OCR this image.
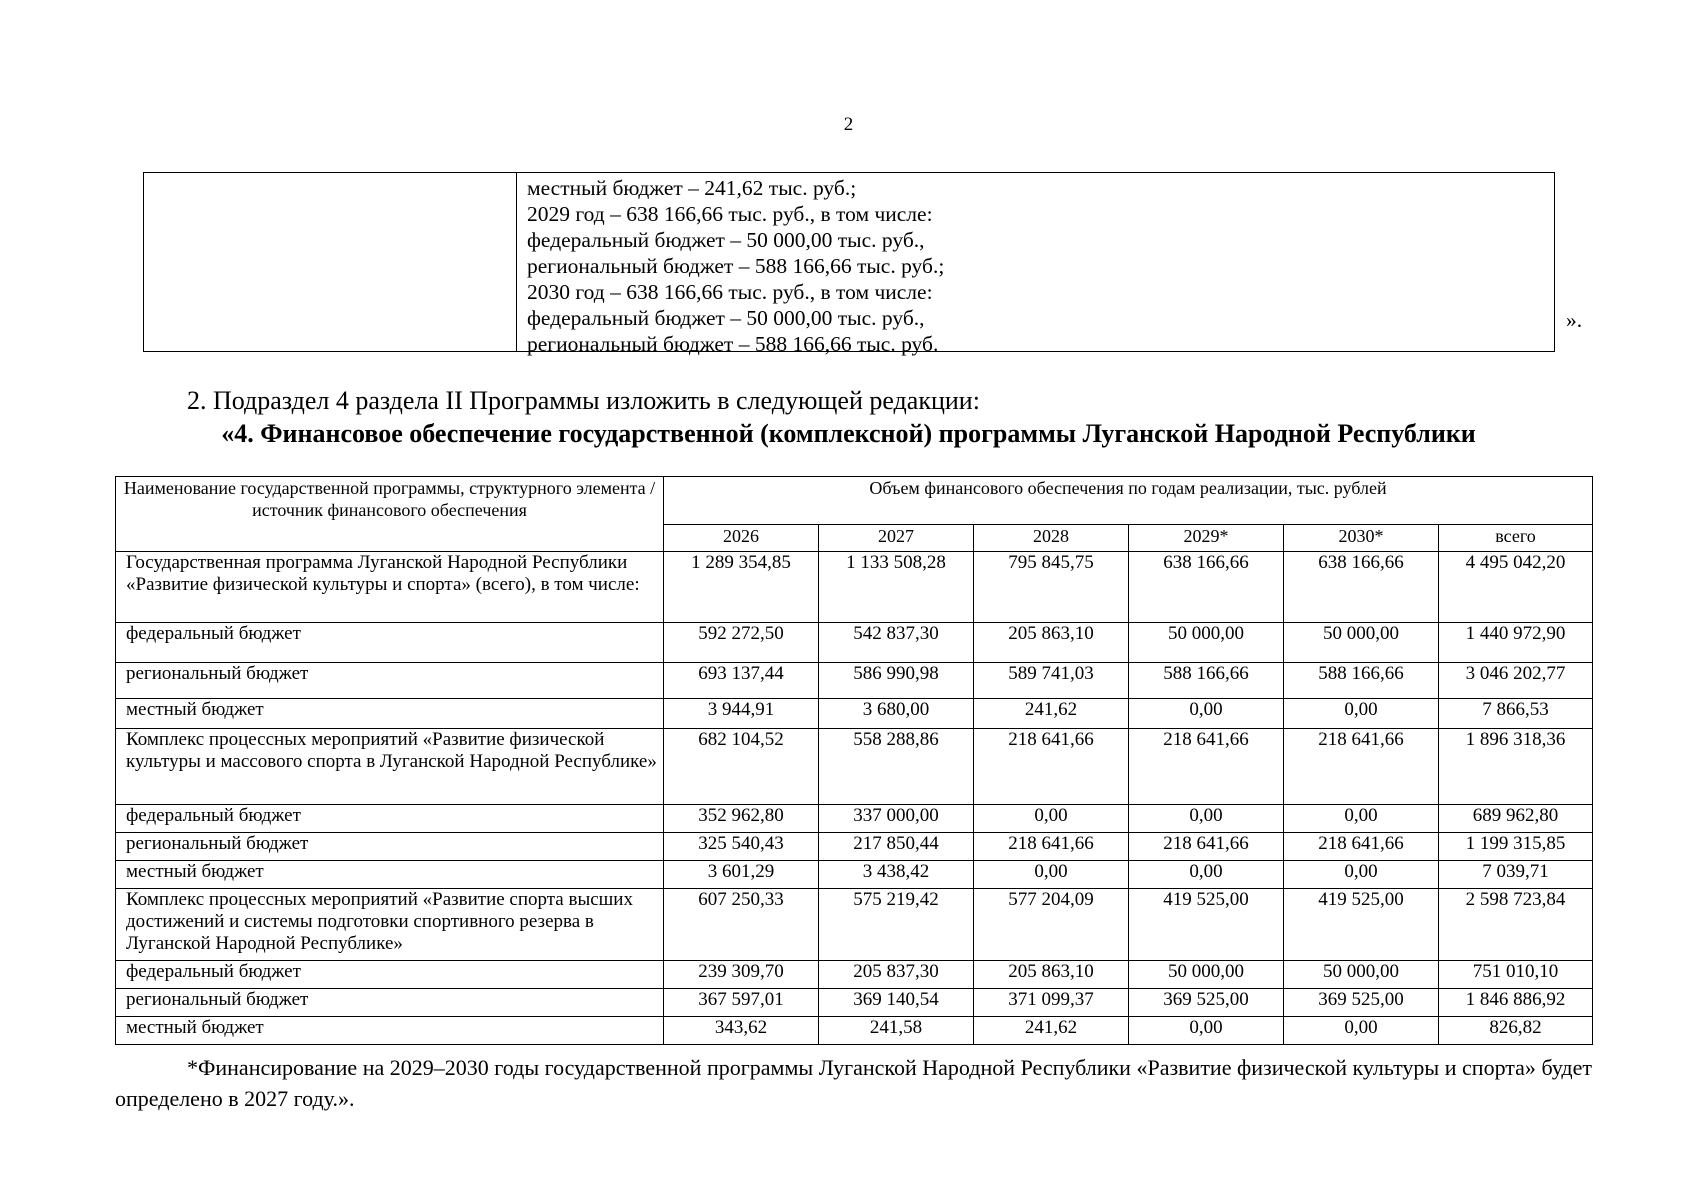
2
местный бюджет – 241,62 тыс. руб.;
2029 год – 638 166,66 тыс. руб., в том числе:
федеральный бюджет – 50 000,00 тыс. руб.,
региональный бюджет – 588 166,66 тыс. руб.;
2030 год – 638 166,66 тыс. руб., в том числе:
федеральный бюджет – 50 000,00 тыс. руб.,
региональный бюджет – 588 166,66 тыс. руб.
».
2. Подраздел 4 раздела II Программы изложить в следующей редакции:
«4. Финансовое обеспечение государственной (комплексной) программы Луганской Народной Республики
Наименование государственной программы, структурного элемента / источник финансового обеспечения	Объем финансового обеспечения по годам реализации, тыс. рублей					
	2026	2027	2028	2029*	2030*	всего
Государственная программа Луганской Народной Республики «Развитие физической культуры и спорта» (всего), в том числе:	1 289 354,85	1 133 508,28	795 845,75	638 166,66	638 166,66	4 495 042,20
федеральный бюджет	592 272,50	542 837,30	205 863,10	50 000,00	50 000,00	1 440 972,90
региональный бюджет	693 137,44	586 990,98	589 741,03	588 166,66	588 166,66	3 046 202,77
местный бюджет	3 944,91	3 680,00	241,62	0,00	0,00	7 866,53
Комплекс процессных мероприятий «Развитие физической культуры и массового спорта в Луганской Народной Республике»	682 104,52	558 288,86	218 641,66	218 641,66	218 641,66	1 896 318,36
федеральный бюджет	352 962,80	337 000,00	0,00	0,00	0,00	689 962,80
региональный бюджет	325 540,43	217 850,44	218 641,66	218 641,66	218 641,66	1 199 315,85
местный бюджет	3 601,29	3 438,42	0,00	0,00	0,00	7 039,71
Комплекс процессных мероприятий «Развитие спорта высших достижений и системы подготовки спортивного резерва в Луганской Народной Республике»	607 250,33	575 219,42	577 204,09	419 525,00	419 525,00	2 598 723,84
федеральный бюджет	239 309,70	205 837,30	205 863,10	50 000,00	50 000,00	751 010,10
региональный бюджет	367 597,01	369 140,54	371 099,37	369 525,00	369 525,00	1 846 886,92
местный бюджет	343,62	241,58	241,62	0,00	0,00	826,82
*Финансирование на 2029–2030 годы государственной программы Луганской Народной Республики «Развитие физической культуры и спорта» будет определено в 2027 году.».
